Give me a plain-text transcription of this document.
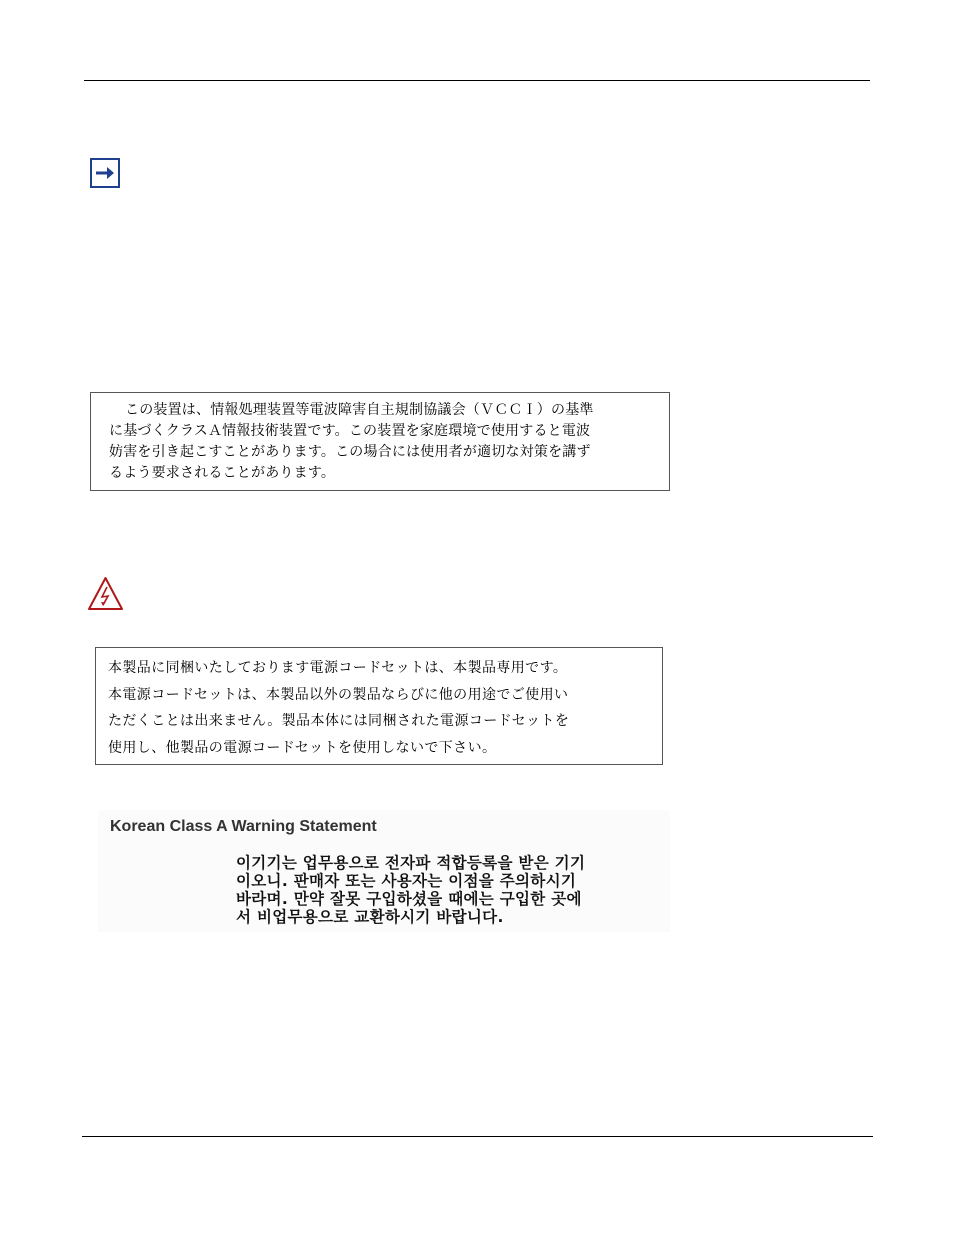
この装置は、情報処理装置等電波障害自主規制協議会（ＶＣＣＩ）の基準
に基づくクラスＡ情報技術装置です。この装置を家庭環境で使用すると電波
妨害を引き起こすことがあります。この場合には使用者が適切な対策を講ず
るよう要求されることがあります。
本製品に同梱いたしております電源コードセットは、本製品専用です。
本電源コードセットは、本製品以外の製品ならびに他の用途でご使用い
ただくことは出来ません。製品本体には同梱された電源コードセットを
使用し、他製品の電源コードセットを使用しないで下さい。
Korean Class A Warning Statement
이기기는 업무용으로 전자파 적합등록을 받은 기기
이오니. 판매자 또는 사용자는 이점을 주의하시기
바라며. 만약 잘못 구입하셨을 때에는 구입한 곳에
서 비업무용으로 교환하시기 바랍니다.
